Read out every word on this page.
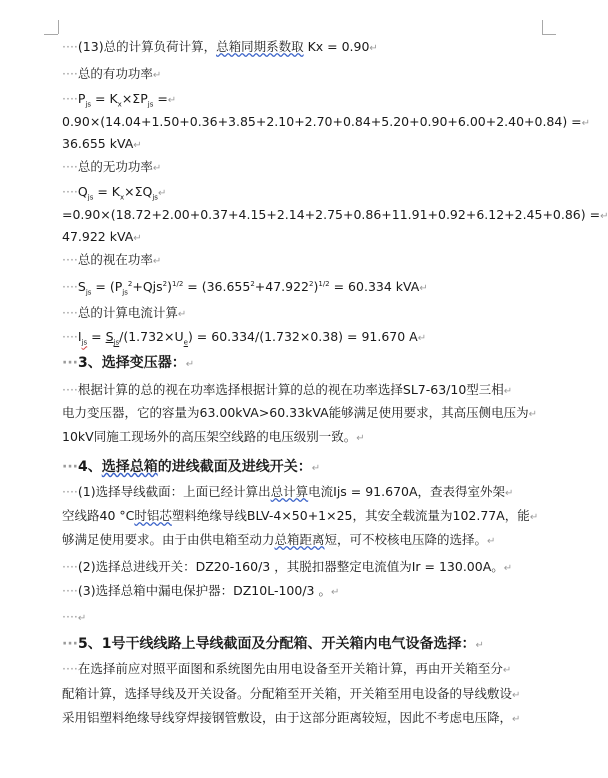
····(13)总的计算负荷计算，总箱同期系数取 Kx = 0.90↵
····总的有功功率↵
$\cdot\cdot\cdot\cdot P_{js} = K_x\times\Sigma P_{js}$ =↵
0.90×(14.04+1.50+0.36+3.85+2.10+2.70+0.84+5.20+0.90+6.00+2.40+0.84) =↵
36.655 kVA↵
····总的无功功率↵
$\cdot\cdot\cdot\cdot Q_{js}$ = $K_x\times\Sigma Q_{js}↵$
=0.90×(18.72+2.00+0.37+4.15+2.14+2.75+0.86+11.91+0.92+6.12+2.45+0.86) =↵
47.922 kVA↵
····总的视在功率↵
$\cdot\cdot\cdot\cdot S_{js} = (P_{js}^2+Qjs^2)^{1/2} = (36.655^2+47.922^2)^{1/2} = 60.334$ kVA↵
····总的计算电流计算↵
$\cdot\cdot\cdot\cdot I_{js} = S_{js}/(1.732\times U_e) = 60.334/(1.732\times 0.38) = 91.670$ A↵
···3、选择变压器：↵
····根据计算的总的视在功率选择根据计算的总的视在功率选择SL7-63/10型三相↵
电力变压器，它的容量为63.00kVA>60.33kVA能够满足使用要求，其高压侧电压为↵
10kV同施工现场外的高压架空线路的电压级别一致。↵
···4、选择总箱的进线截面及进线开关：↵
····(1)选择导线截面：上面已经计算出总计算电流Ijs = 91.670A，查表得室外架↵
空线路40 °C时铝芯塑料绝缘导线BLV-4×50+1×25，其安全载流量为102.77A，能↵
够满足使用要求。由于由供电箱至动力总箱距离短，可不校核电压降的选择。↵
····(2)选择总进线开关：DZ20-160/3 ，其脱扣器整定电流值为Ir = 130.00A。↵
····(3)选择总箱中漏电保护器：DZ10L-100/3 。↵
····↵
···5、1号干线线路上导线截面及分配箱、开关箱内电气设备选择：↵
····在选择前应对照平面图和系统图先由用电设备至开关箱计算，再由开关箱至分↵
配箱计算，选择导线及开关设备。分配箱至开关箱，开关箱至用电设备的导线敷设↵
采用铝塑料绝缘导线穿焊接钢管敷设，由于这部分距离较短，因此不考虑电压降，↵
